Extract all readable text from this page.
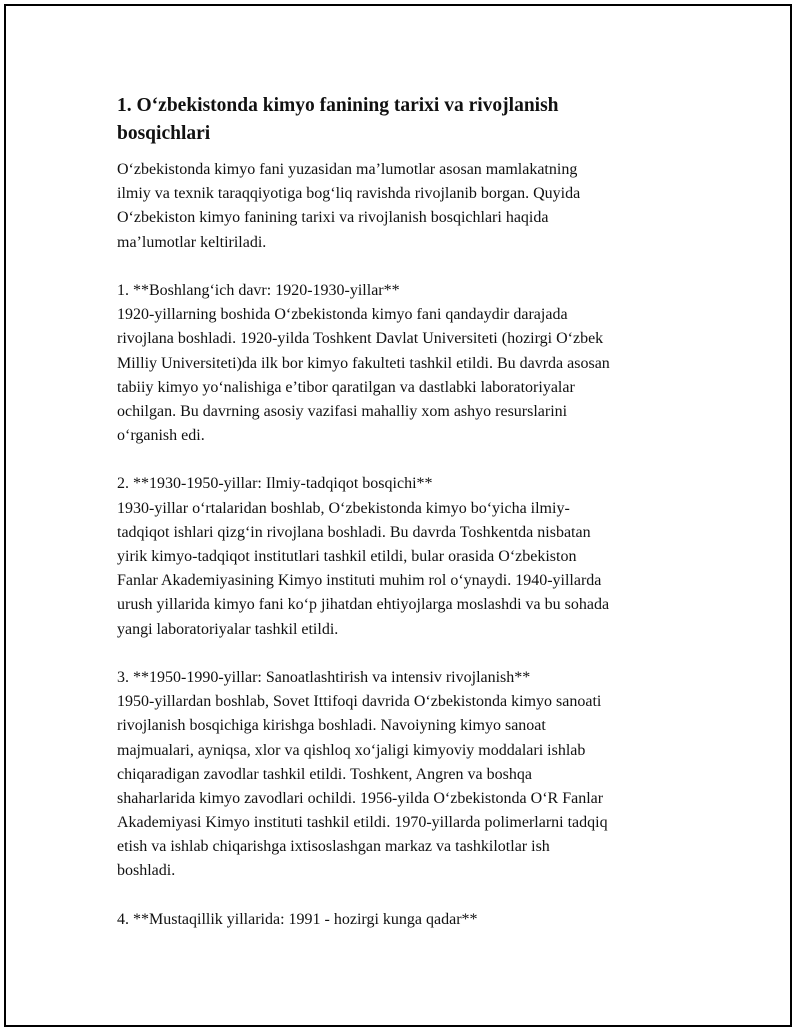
1. O‘zbekistonda kimyo fanining tarixi va rivojlanish
bosqichlari
O‘zbekistonda kimyo fani yuzasidan ma’lumotlar asosan mamlakatning
ilmiy va texnik taraqqiyotiga bog‘liq ravishda rivojlanib borgan. Quyida
O‘zbekiston kimyo fanining tarixi va rivojlanish bosqichlari haqida
ma’lumotlar keltiriladi.
1. **Boshlang‘ich davr: 1920-1930-yillar**
1920-yillarning boshida O‘zbekistonda kimyo fani qandaydir darajada
rivojlana boshladi. 1920-yilda Toshkent Davlat Universiteti (hozirgi O‘zbek
Milliy Universiteti)da ilk bor kimyo fakulteti tashkil etildi. Bu davrda asosan
tabiiy kimyo yo‘nalishiga e’tibor qaratilgan va dastlabki laboratoriyalar
ochilgan. Bu davrning asosiy vazifasi mahalliy xom ashyo resurslarini
o‘rganish edi.
2. **1930-1950-yillar: Ilmiy-tadqiqot bosqichi**
1930-yillar o‘rtalaridan boshlab, O‘zbekistonda kimyo bo‘yicha ilmiy-
tadqiqot ishlari qizg‘in rivojlana boshladi. Bu davrda Toshkentda nisbatan
yirik kimyo-tadqiqot institutlari tashkil etildi, bular orasida O‘zbekiston
Fanlar Akademiyasining Kimyo instituti muhim rol o‘ynaydi. 1940-yillarda
urush yillarida kimyo fani ko‘p jihatdan ehtiyojlarga moslashdi va bu sohada
yangi laboratoriyalar tashkil etildi.
3. **1950-1990-yillar: Sanoatlashtirish va intensiv rivojlanish**
1950-yillardan boshlab, Sovet Ittifoqi davrida O‘zbekistonda kimyo sanoati
rivojlanish bosqichiga kirishga boshladi. Navoiyning kimyo sanoat
majmualari, ayniqsa, xlor va qishloq xo‘jaligi kimyoviy moddalari ishlab
chiqaradigan zavodlar tashkil etildi. Toshkent, Angren va boshqa
shaharlarida kimyo zavodlari ochildi. 1956-yilda O‘zbekistonda O‘R Fanlar
Akademiyasi Kimyo instituti tashkil etildi. 1970-yillarda polimerlarni tadqiq
etish va ishlab chiqarishga ixtisoslashgan markaz va tashkilotlar ish
boshladi.
4. **Mustaqillik yillarida: 1991 - hozirgi kunga qadar**
